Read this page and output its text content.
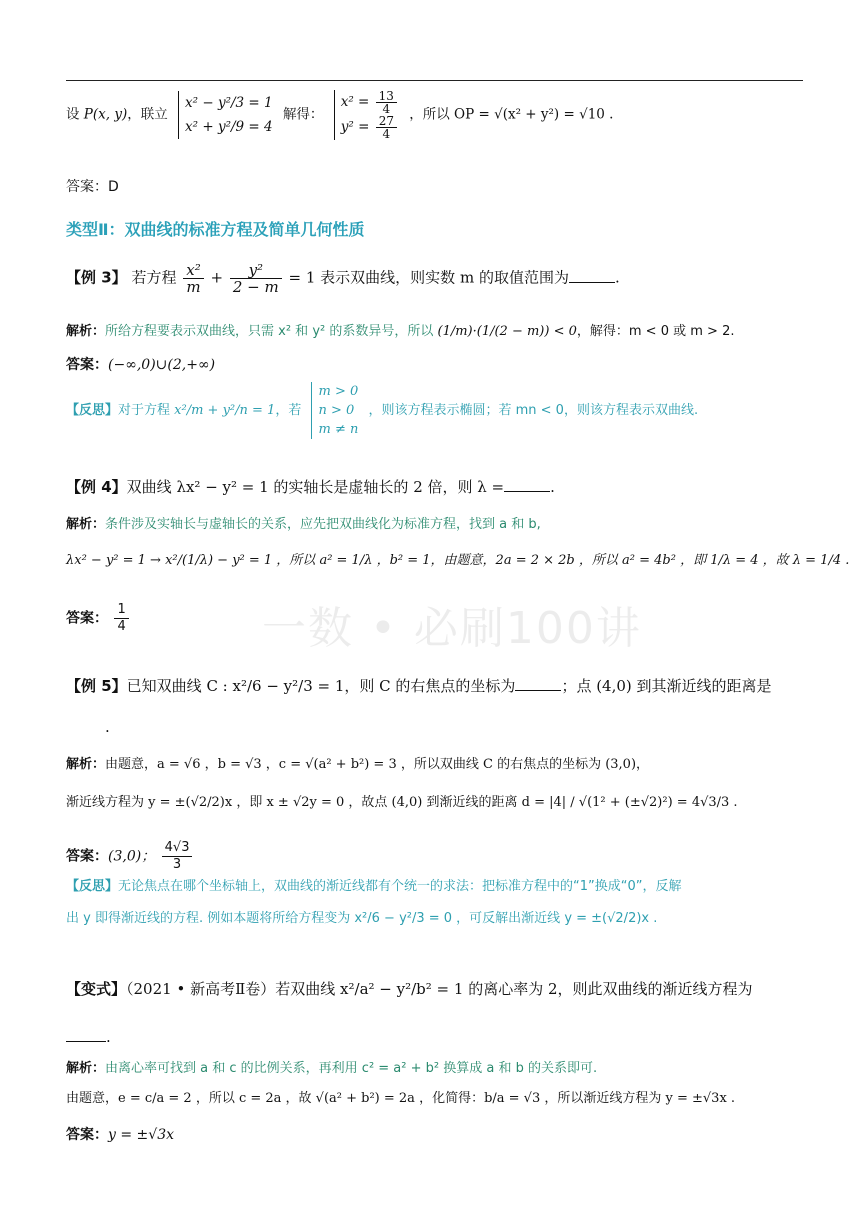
一数 • 必刷100讲
设 P(x, y)，联立
x² − y²/3 = 1
x² + y²/9 = 4
解得：
$x^2 = \frac{13}{4}$
$y^2 = \frac{27}{4}$
，所以 OP = √(x² + y²) = √10 .
答案：D
类型Ⅱ：双曲线的标准方程及简单几何性质
【例 3】 若方程 $\frac{\text{x²}}{m} + \frac{\text{y²}}{2 - m} = 1$ 表示双曲线，则实数 m 的取值范围为	.
解析：所给方程要表示双曲线，只需 x² 和 y² 的系数异号，所以 (1/m)·(1/(2 − m)) < 0，解得：m < 0 或 m > 2.
答案：(−∞,0)∪(2,+∞)
【反思】对于方程 x²/m + y²/n = 1，若
m > 0
n > 0
m ≠ n
，则该方程表示椭圆；若 mn < 0，则该方程表示双曲线.
【例 4】双曲线 λx² − y² = 1 的实轴长是虚轴长的 2 倍，则 λ =	.
解析：条件涉及实轴长与虚轴长的关系，应先把双曲线化为标准方程，找到 a 和 b,
λx² − y² = 1 → x²/(1/λ) − y² = 1 ，所以 a² = 1/λ ，b² = 1，由题意，2a = 2 × 2b ，所以 a² = 4b² ，即 1/λ = 4 ，故 λ = 1/4 .
答案： $\frac{1}{4}$
【例 5】已知双曲线 C : x²/6 − y²/3 = 1，则 C 的右焦点的坐标为	；点 (4,0) 到其渐近线的距离是
.
解析：由题意，a = √6 ，b = √3 ，c = √(a² + b²) = 3 ，所以双曲线 C 的右焦点的坐标为 (3,0)，
渐近线方程为 y = ±(√2/2)x ，即 x ± √2y = 0 ，故点 (4,0) 到渐近线的距离 d = |4| / √(1² + (±√2)²) = 4√3/3 .
答案：(3,0)； $\frac{4√3}{3}$
【反思】无论焦点在哪个坐标轴上，双曲线的渐近线都有个统一的求法：把标准方程中的“1”换成“0”，反解
出 y 即得渐近线的方程. 例如本题将所给方程变为 x²/6 − y²/3 = 0 ，可反解出渐近线 y = ±(√2/2)x .
【变式】（2021 • 新高考Ⅱ卷）若双曲线 x²/a² − y²/b² = 1 的离心率为 2，则此双曲线的渐近线方程为
.
解析：由离心率可找到 a 和 c 的比例关系，再利用 c² = a² + b² 换算成 a 和 b 的关系即可.
由题意，e = c/a = 2 ，所以 c = 2a ，故 √(a² + b²) = 2a ，化简得：b/a = √3 ，所以渐近线方程为 y = ±√3x .
答案：y = ±√3x
